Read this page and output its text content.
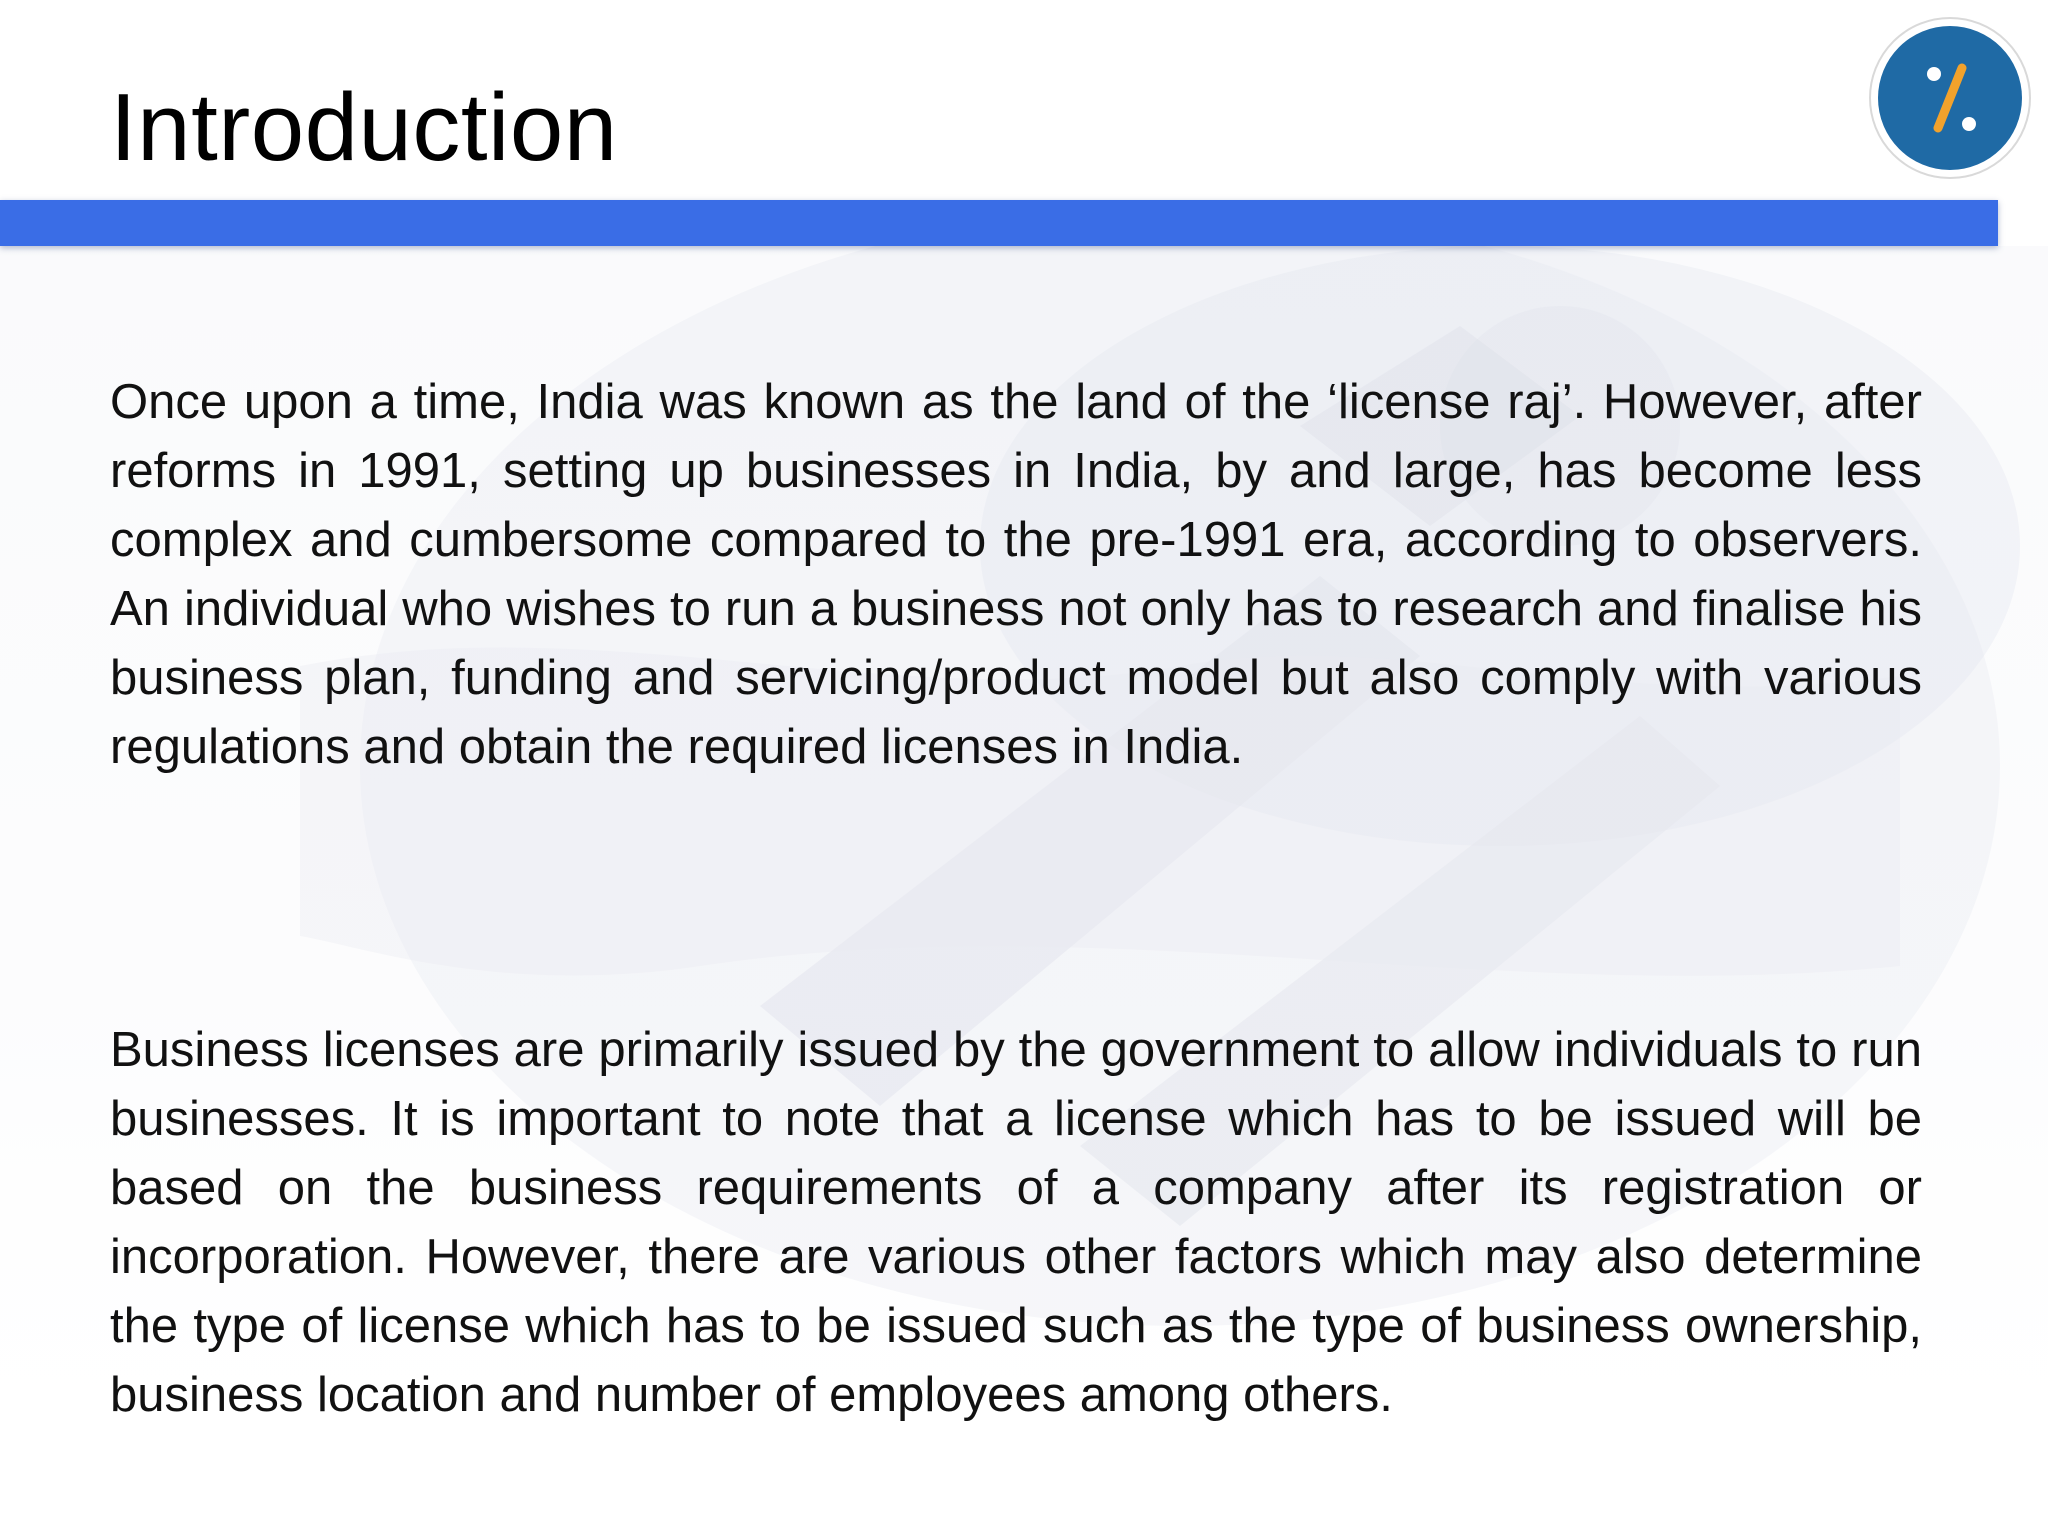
Introduction

Once upon a time, India was known as the land of the ‘license raj’. However, after reforms in 1991, setting up businesses in India, by and large, has become less complex and cumbersome compared to the pre-1991 era, according to observers. An individual who wishes to run a business not only has to research and finalise his business plan, funding and servicing/product model but also comply with various regulations and obtain the required licenses in India.

Business licenses are primarily issued by the government to allow individuals to run businesses. It is important to note that a license which has to be issued will be based on the business requirements of a company after its registration or incorporation. However, there are various other factors which may also determine the type of license which has to be issued such as the type of business ownership, business location and number of employees among others.
